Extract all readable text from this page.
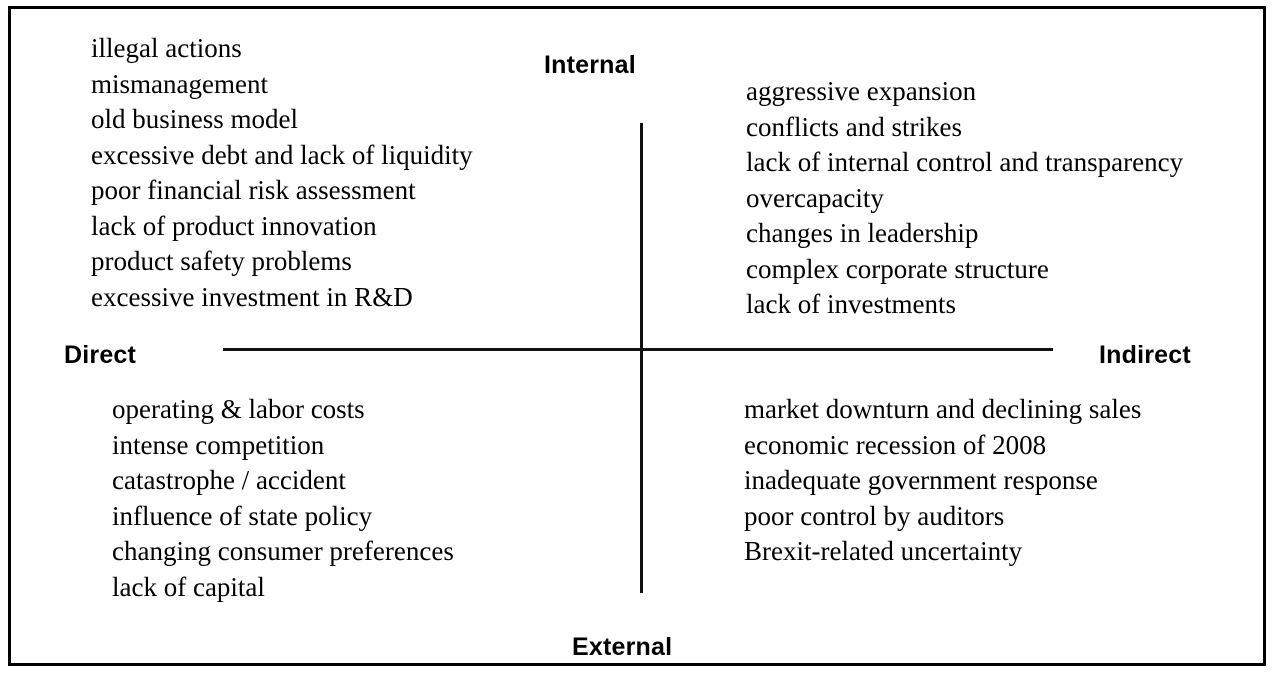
Internal
External
Direct	Indirect
illegal actions
mismanagement
old business model
excessive debt and lack of liquidity
poor financial risk assessment
lack of product innovation
product safety problems
excessive investment in R&D
aggressive expansion
conflicts and strikes
lack of internal control and transparency
overcapacity
changes in leadership
complex corporate structure
lack of investments
operating & labor costs
intense competition
catastrophe / accident
influence of state policy
changing consumer preferences
lack of capital
market downturn and declining sales
economic recession of 2008
inadequate government response
poor control by auditors
Brexit-related uncertainty
